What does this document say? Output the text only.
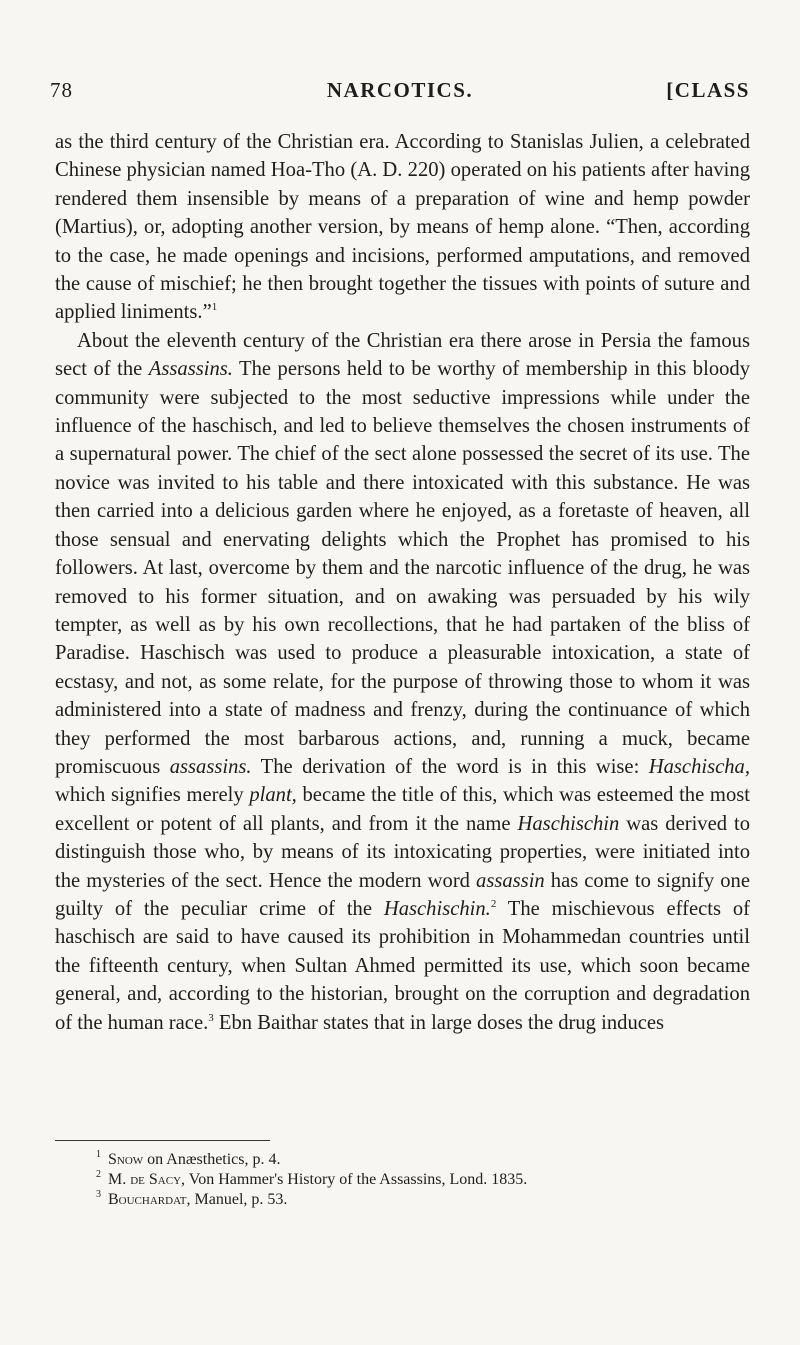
78	NARCOTICS.	[CLASS

as the third century of the Christian era. According to Stanislas Julien, a celebrated Chinese physician named Hoa-Tho (A. D. 220) operated on his patients after having rendered them insensible by means of a preparation of wine and hemp powder (Martius), or, adopting another version, by means of hemp alone. “Then, according to the case, he made openings and incisions, performed amputations, and removed the cause of mischief; he then brought together the tissues with points of suture and applied liniments.”$^1$

About the eleventh century of the Christian era there arose in Persia the famous sect of the Assassins. The persons held to be worthy of membership in this bloody community were subjected to the most seductive impressions while under the influence of the haschisch, and led to believe themselves the chosen instruments of a supernatural power. The chief of the sect alone possessed the secret of its use. The novice was invited to his table and there intoxicated with this substance. He was then carried into a delicious garden where he enjoyed, as a foretaste of heaven, all those sensual and enervating delights which the Prophet has promised to his followers. At last, overcome by them and the narcotic influence of the drug, he was removed to his former situation, and on awaking was persuaded by his wily tempter, as well as by his own recollections, that he had partaken of the bliss of Paradise. Haschisch was used to produce a pleasurable intoxication, a state of ecstasy, and not, as some relate, for the purpose of throwing those to whom it was administered into a state of madness and frenzy, during the continuance of which they performed the most barbarous actions, and, running a muck, became promiscuous assassins. The derivation of the word is in this wise: Haschischa, which signifies merely plant, became the title of this, which was esteemed the most excellent or potent of all plants, and from it the name Haschischin was derived to distinguish those who, by means of its intoxicating properties, were initiated into the mysteries of the sect. Hence the modern word assassin has come to signify one guilty of the peculiar crime of the Haschischin.$^2$ The mischievous effects of haschisch are said to have caused its prohibition in Mohammedan countries until the fifteenth century, when Sultan Ahmed permitted its use, which soon became general, and, according to the historian, brought on the corruption and degradation of the human race.$^3$ Ebn Baithar states that in large doses the drug induces

1 Snow on Anæsthetics, p. 4.
2 M. de Sacy, Von Hammer's History of the Assassins, Lond. 1835.
3 Bouchardat, Manuel, p. 53.
